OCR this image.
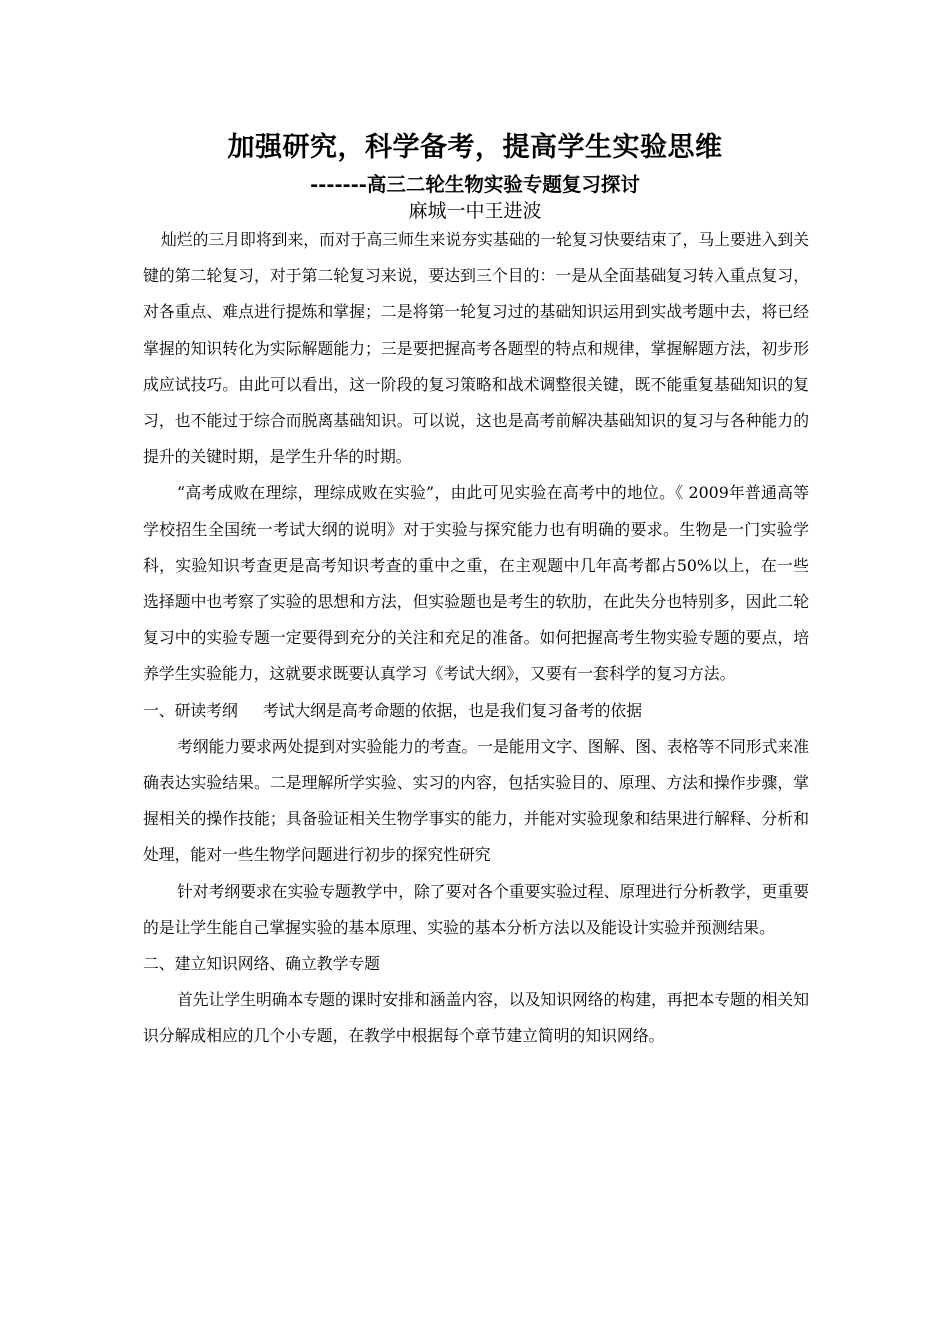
加强研究，科学备考，提高学生实验思维
-------高三二轮生物实验专题复习探讨
麻城一中王进波

灿烂的三月即将到来，而对于高三师生来说夯实基础的一轮复习快要结束了，马上要进入到关键的第二轮复习，对于第二轮复习来说，要达到三个目的：一是从全面基础复习转入重点复习，对各重点、难点进行提炼和掌握；二是将第一轮复习过的基础知识运用到实战考题中去，将已经掌握的知识转化为实际解题能力；三是要把握高考各题型的特点和规律，掌握解题方法，初步形成应试技巧。由此可以看出，这一阶段的复习策略和战术调整很关键，既不能重复基础知识的复习，也不能过于综合而脱离基础知识。可以说，这也是高考前解决基础知识的复习与各种能力的提升的关键时期，是学生升华的时期。

“高考成败在理综，理综成败在实验”，由此可见实验在高考中的地位。《 2009年普通高等学校招生全国统一考试大纲的说明》对于实验与探究能力也有明确的要求。生物是一门实验学科，实验知识考查更是高考知识考查的重中之重，在主观题中几年高考都占50%以上，在一些选择题中也考察了实验的思想和方法，但实验题也是考生的软肋，在此失分也特别多，因此二轮复习中的实验专题一定要得到充分的关注和充足的准备。如何把握高考生物实验专题的要点，培养学生实验能力，这就要求既要认真学习《考试大纲》，又要有一套科学的复习方法。

一、研读考纲     考试大纲是高考命题的依据，也是我们复习备考的依据

考纲能力要求两处提到对实验能力的考查。一是能用文字、图解、图、表格等不同形式来准确表达实验结果。二是理解所学实验、实习的内容，包括实验目的、原理、方法和操作步骤，掌握相关的操作技能；具备验证相关生物学事实的能力，并能对实验现象和结果进行解释、分析和处理，能对一些生物学问题进行初步的探究性研究

针对考纲要求在实验专题教学中，除了要对各个重要实验过程、原理进行分析教学，更重要的是让学生能自己掌握实验的基本原理、实验的基本分析方法以及能设计实验并预测结果。

二、建立知识网络、确立教学专题

首先让学生明确本专题的课时安排和涵盖内容，以及知识网络的构建，再把本专题的相关知识分解成相应的几个小专题，在教学中根据每个章节建立简明的知识网络。
